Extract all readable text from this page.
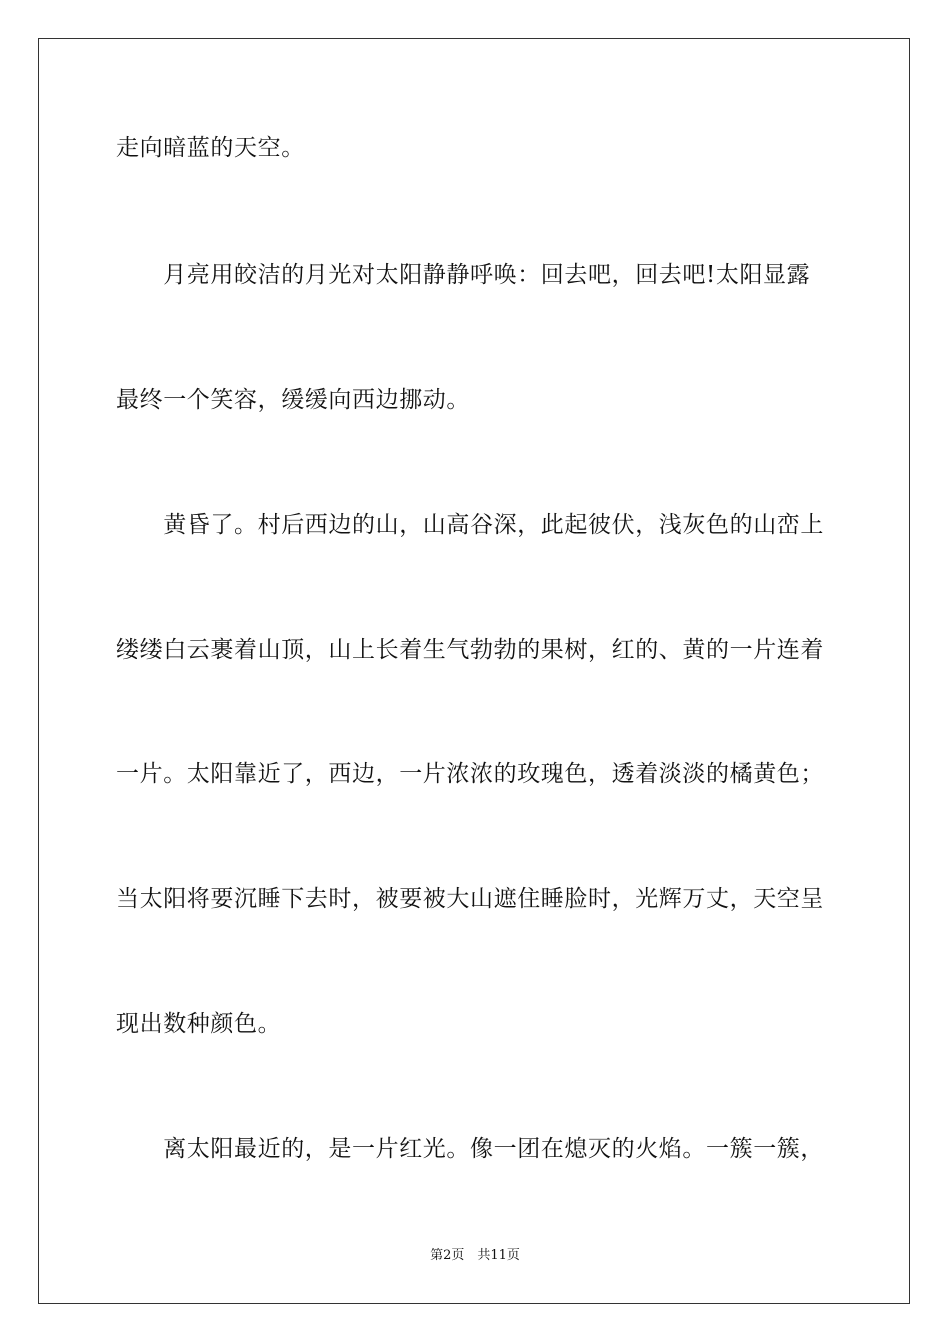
走向暗蓝的天空。
　　月亮用皎洁的月光对太阳静静呼唤：回去吧，回去吧!太阳显露
最终一个笑容，缓缓向西边挪动。
　　黄昏了。村后西边的山，山高谷深，此起彼伏，浅灰色的山峦上
缕缕白云裹着山顶，山上长着生气勃勃的果树，红的、黄的一片连着
一片。太阳靠近了，西边，一片浓浓的玫瑰色，透着淡淡的橘黄色；
当太阳将要沉睡下去时，被要被大山遮住睡脸时，光辉万丈，天空呈
现出数种颜色。
　　离太阳最近的，是一片红光。像一团在熄灭的火焰。一簇一簇，
第2页　共11页
